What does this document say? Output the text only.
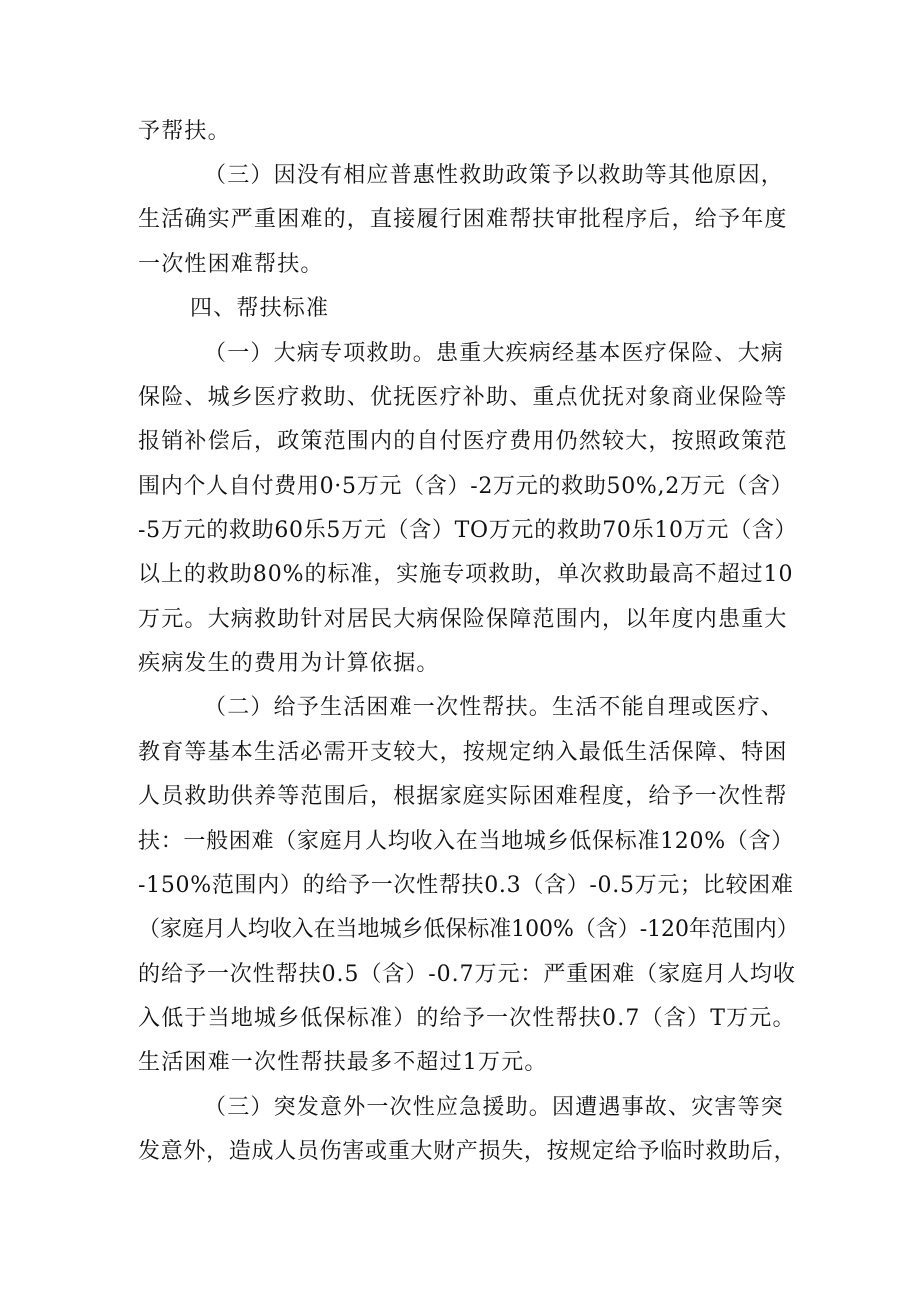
予帮扶。
（三）因没有相应普惠性救助政策予以救助等其他原因，
生活确实严重困难的，直接履行困难帮扶审批程序后，给予年度
一次性困难帮扶。
四、帮扶标准
（一）大病专项救助。患重大疾病经基本医疗保险、大病
保险、城乡医疗救助、优抚医疗补助、重点优抚对象商业保险等
报销补偿后，政策范围内的自付医疗费用仍然较大，按照政策范
围内个人自付费用0·5万元（含）-2万元的救助50%,2万元（含）
-5万元的救助60乐5万元（含）TO万元的救助70乐10万元（含）
以上的救助80%的标准，实施专项救助，单次救助最高不超过10
万元。大病救助针对居民大病保险保障范围内，以年度内患重大
疾病发生的费用为计算依据。
（二）给予生活困难一次性帮扶。生活不能自理或医疗、
教育等基本生活必需开支较大，按规定纳入最低生活保障、特困
人员救助供养等范围后，根据家庭实际困难程度，给予一次性帮
扶：一般困难（家庭月人均收入在当地城乡低保标准120%（含）
-150%范围内）的给予一次性帮扶0.3（含）-0.5万元；比较困难
（家庭月人均收入在当地城乡低保标准100%（含）-120年范围内）
的给予一次性帮扶0.5（含）-0.7万元：严重困难（家庭月人均收
入低于当地城乡低保标准）的给予一次性帮扶0.7（含）T万元。
生活困难一次性帮扶最多不超过1万元。
（三）突发意外一次性应急援助。因遭遇事故、灾害等突
发意外，造成人员伤害或重大财产损失，按规定给予临时救助后，
